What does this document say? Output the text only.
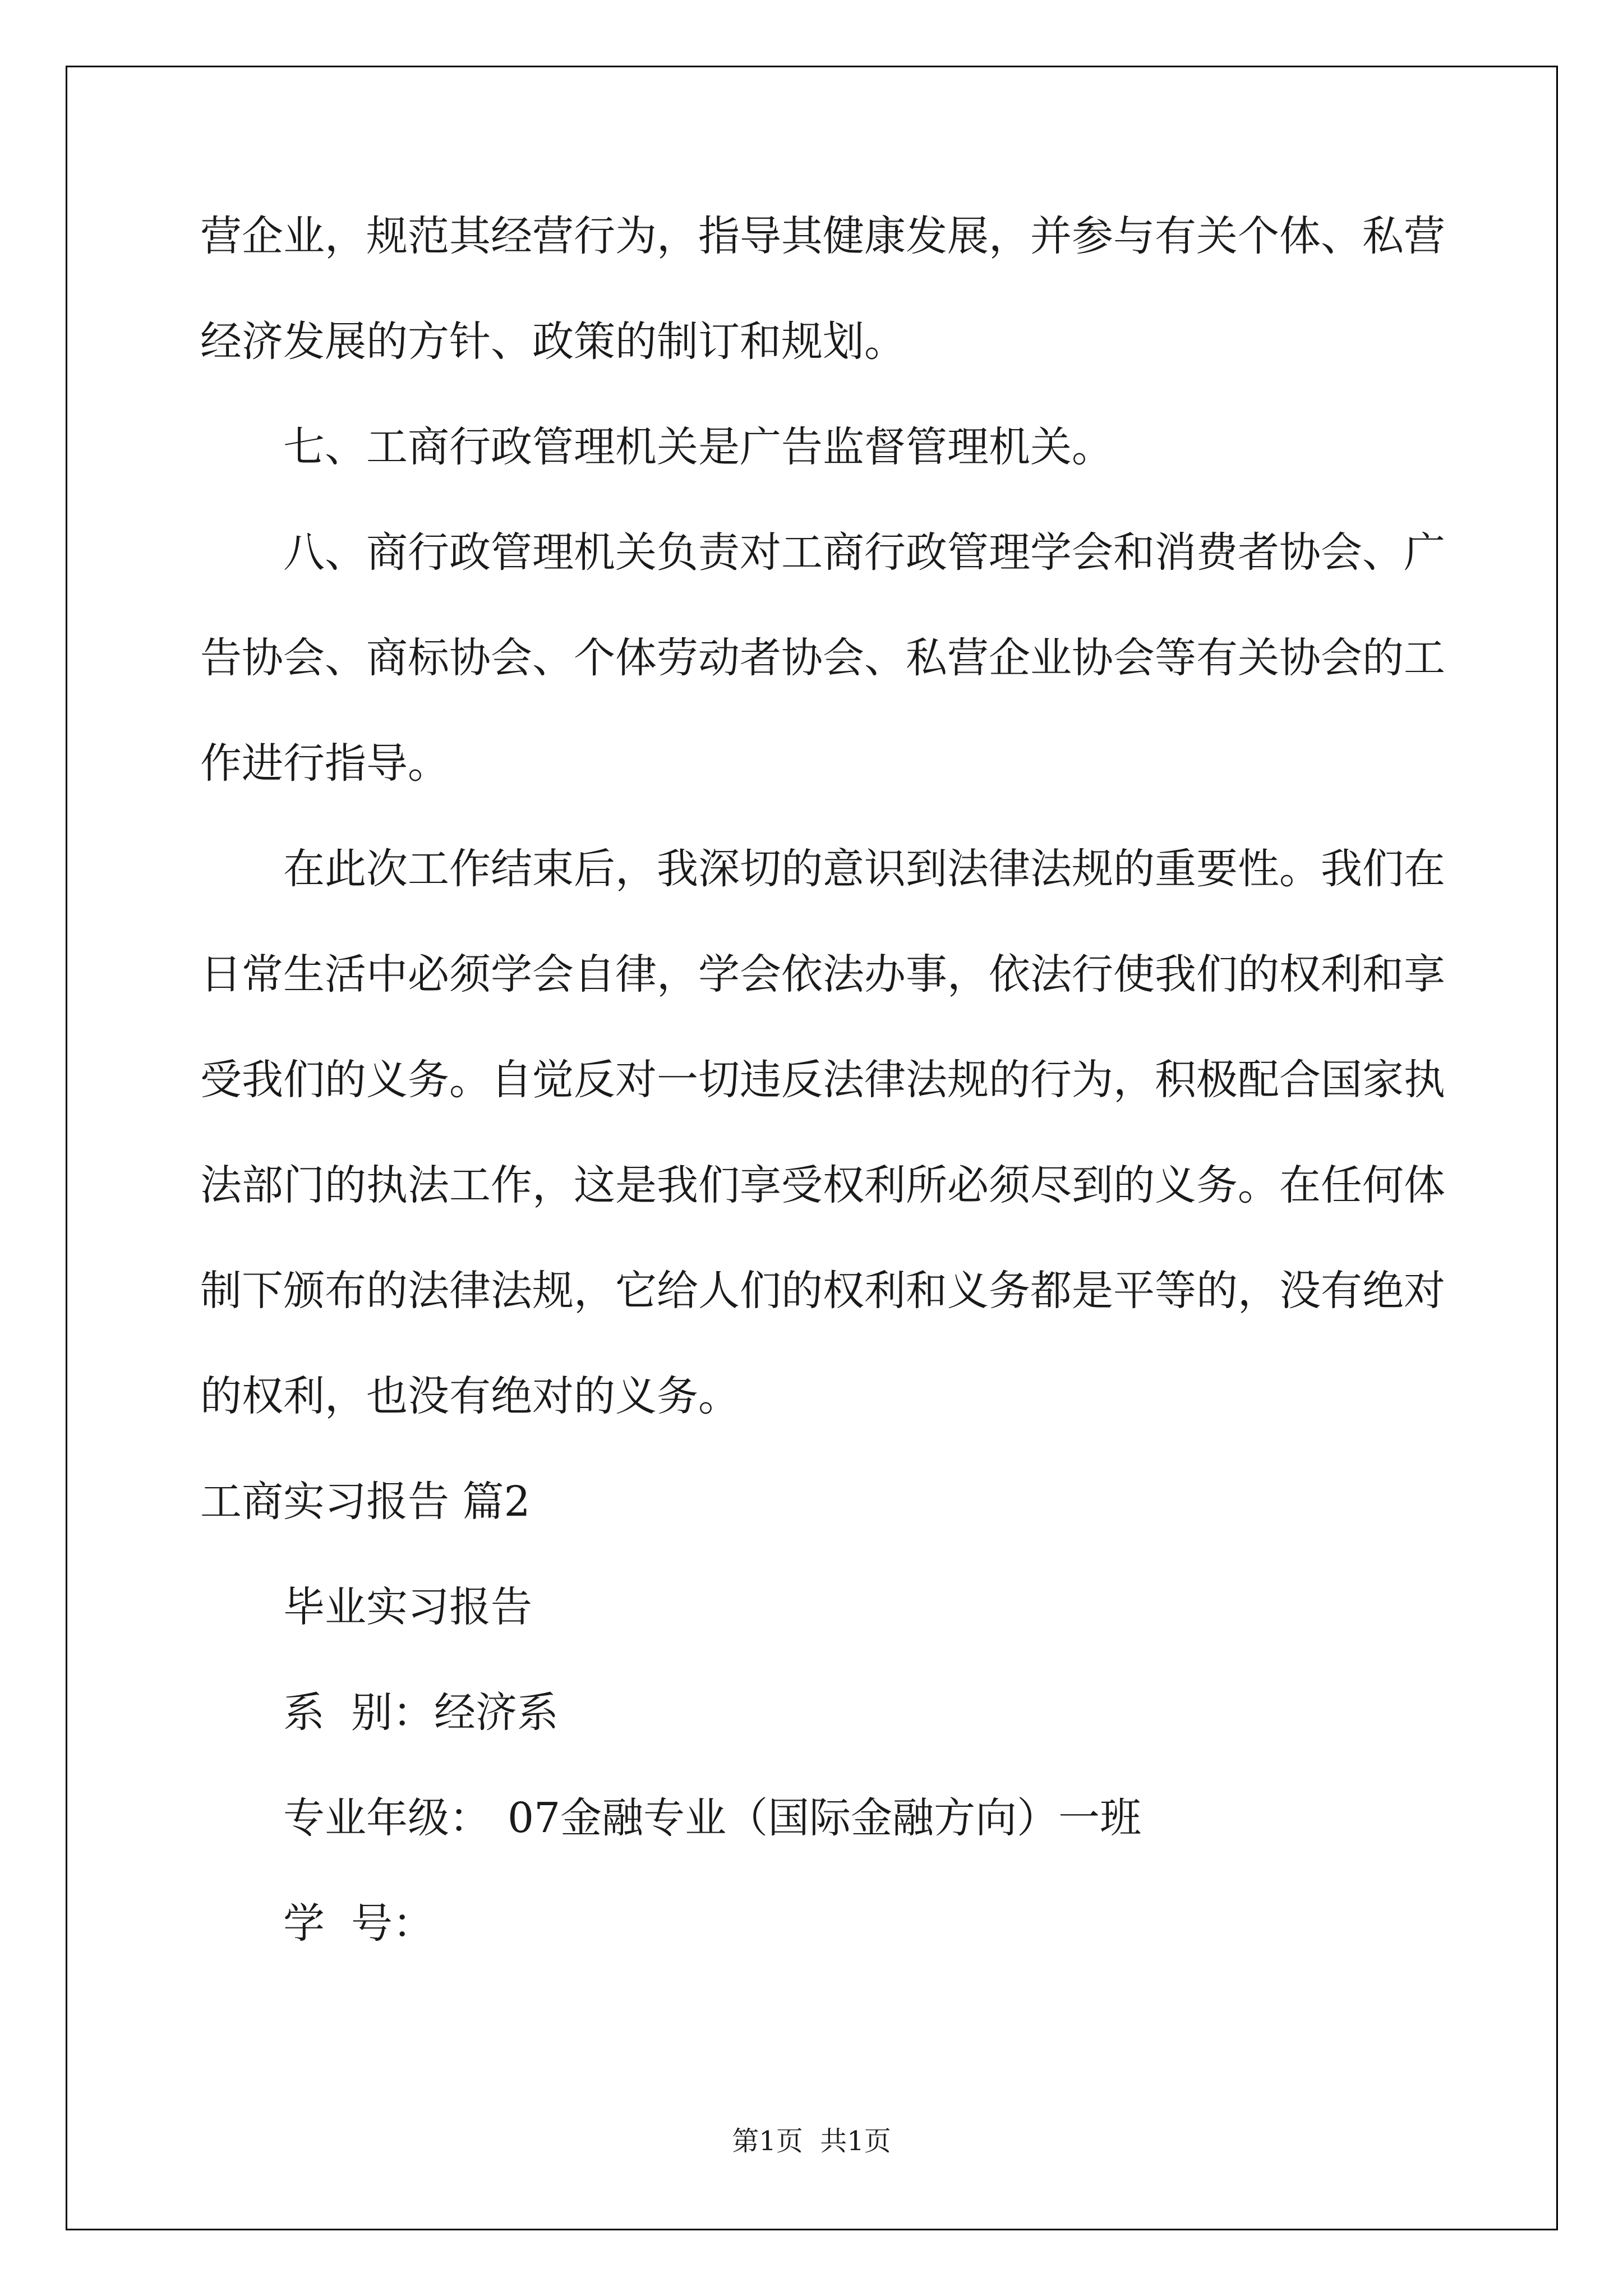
营企业，规范其经营行为，指导其健康发展，并参与有关个体、私营
经济发展的方针、政策的制订和规划。
七、工商行政管理机关是广告监督管理机关。
八、商行政管理机关负责对工商行政管理学会和消费者协会、广
告协会、商标协会、个体劳动者协会、私营企业协会等有关协会的工
作进行指导。
在此次工作结束后，我深切的意识到法律法规的重要性。我们在
日常生活中必须学会自律，学会依法办事，依法行使我们的权利和享
受我们的义务。自觉反对一切违反法律法规的行为，积极配合国家执
法部门的执法工作，这是我们享受权利所必须尽到的义务。在任何体
制下颁布的法律法规，它给人们的权利和义务都是平等的，没有绝对
的权利，也没有绝对的义务。
工商实习报告 篇2
毕业实习报告
系  别：经济系
专业年级： 07金融专业（国际金融方向）一班
学  号：
第1页  共1页
